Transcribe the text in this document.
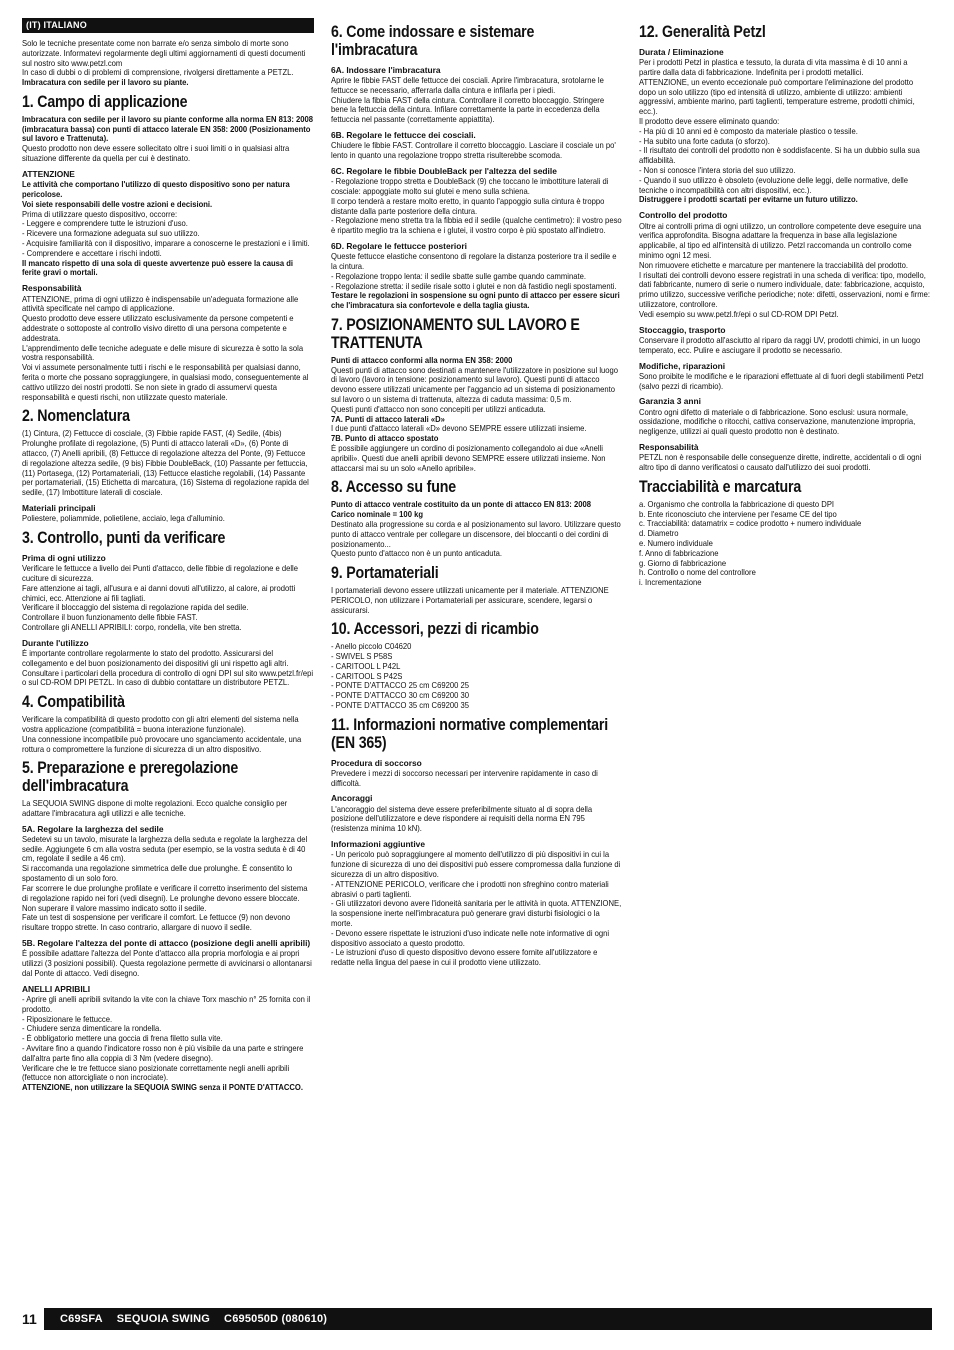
(IT) ITALIANO
Solo le tecniche presentate come non barrate e/o senza simbolo di morte sono autorizzate. Informatevi regolarmente degli ultimi aggiornamenti di questi documenti sul nostro sito www.petzl.com
In caso di dubbi o di problemi di comprensione, rivolgersi direttamente a PETZL.
Imbracatura con sedile per il lavoro su piante.
1. Campo di applicazione
Imbracatura con sedile per il lavoro su piante conforme alla norma EN 813: 2008 (imbracatura bassa) con punti di attacco laterale EN 358: 2000 (Posizionamento sul lavoro e Trattenuta).
Questo prodotto non deve essere sollecitato oltre i suoi limiti o in qualsiasi altra situazione differente da quella per cui è destinato.
ATTENZIONE
Le attività che comportano l'utilizzo di questo dispositivo sono per natura pericolose.
Voi siete responsabili delle vostre azioni e decisioni.
Prima di utilizzare questo dispositivo, occorre:
- Leggere e comprendere tutte le istruzioni d'uso.
- Ricevere una formazione adeguata sul suo utilizzo.
- Acquisire familiarità con il dispositivo, imparare a conoscerne le prestazioni e i limiti.
- Comprendere e accettare i rischi indotti.
Il mancato rispetto di una sola di queste avvertenze può essere la causa di ferite gravi o mortali.
Responsabilità
ATTENZIONE, prima di ogni utilizzo è indispensabile un'adeguata formazione alle attività specificate nel campo di applicazione.
Questo prodotto deve essere utilizzato esclusivamente da persone competenti e addestrate o sottoposte al controllo visivo diretto di una persona competente e addestrata.
L'apprendimento delle tecniche adeguate e delle misure di sicurezza è sotto la sola vostra responsabilità.
Voi vi assumete personalmente tutti i rischi e le responsabilità per qualsiasi danno, ferita o morte che possano sopraggiungere, in qualsiasi modo, conseguentemente al cattivo utilizzo dei nostri prodotti. Se non siete in grado di assumervi questa responsabilità e questi rischi, non utilizzate questo materiale.
2. Nomenclatura
(1) Cintura, (2) Fettucce di cosciale, (3) Fibbie rapide FAST, (4) Sedile, (4bis) Prolunghe profilate di regolazione, (5) Punti di attacco laterali «D», (6) Ponte di attacco, (7) Anelli apribili, (8) Fettucce di regolazione altezza del Ponte, (9) Fettucce di regolazione altezza sedile, (9 bis) Fibbie DoubleBack, (10) Passante per fettuccia, (11) Portasega, (12) Portamateriali, (13) Fettucce elastiche regolabili, (14) Passante per portamateriali, (15) Etichetta di marcatura, (16) Sistema di regolazione rapida del sedile, (17) Imbottiture laterali di cosciale.
Materiali principali
Poliestere, poliammide, polietilene, acciaio, lega d'alluminio.
3. Controllo, punti da verificare
Prima di ogni utilizzo
Verificare le fettucce a livello dei Punti d'attacco, delle fibbie di regolazione e delle cuciture di sicurezza.
Fare attenzione ai tagli, all'usura e ai danni dovuti all'utilizzo, al calore, ai prodotti chimici, ecc. Attenzione ai fili tagliati.
Verificare il bloccaggio del sistema di regolazione rapida del sedile.
Controllare il buon funzionamento delle fibbie FAST.
Controllare gli ANELLI APRIBILI: corpo, rondella, vite ben stretta.
Durante l'utilizzo
È importante controllare regolarmente lo stato del prodotto. Assicurarsi del collegamento e del buon posizionamento dei dispositivi gli uni rispetto agli altri.
Consultare i particolari della procedura di controllo di ogni DPI sul sito www.petzl.fr/epi o sul CD-ROM DPI PETZL. In caso di dubbio contattare un distributore PETZL.
4. Compatibilità
Verificare la compatibilità di questo prodotto con gli altri elementi del sistema nella vostra applicazione (compatibilità = buona interazione funzionale).
Una connessione incompatibile può provocare uno sganciamento accidentale, una rottura o compromettere la funzione di sicurezza di un altro dispositivo.
5. Preparazione e preregolazione dell'imbracatura
La SEQUOIA SWING dispone di molte regolazioni. Ecco qualche consiglio per adattare l'imbracatura agli utilizzi e alle tecniche.
5A. Regolare la larghezza del sedile
Sedetevi su un tavolo, misurate la larghezza della seduta e regolate la larghezza del sedile. Aggiungete 6 cm alla vostra seduta (per esempio, se la vostra seduta è di 40 cm, regolate il sedile a 46 cm).
Si raccomanda una regolazione simmetrica delle due prolunghe. È consentito lo spostamento di un solo foro.
Far scorrere le due prolunghe profilate e verificare il corretto inserimento del sistema di regolazione rapido nei fori (vedi disegni). Le prolunghe devono essere bloccate. Non superare il valore massimo indicato sotto il sedile.
Fate un test di sospensione per verificare il comfort. Le fettucce (9) non devono risultare troppo strette. In caso contrario, allargare di nuovo il sedile.
5B. Regolare l'altezza del ponte di attacco (posizione degli anelli apribili)
È possibile adattare l'altezza del Ponte d'attacco alla propria morfologia e ai propri utilizzi (3 posizioni possibili). Questa regolazione permette di avvicinarsi o allontanarsi dal Ponte di attacco. Vedi disegno.
ANELLI APRIBILI
- Aprire gli anelli apribili svitando la vite con la chiave Torx maschio n° 25 fornita con il prodotto.
- Riposizionare le fettucce.
- Chiudere senza dimenticare la rondella.
- È obbligatorio mettere una goccia di frena filetto sulla vite.
- Avvitare fino a quando l'indicatore rosso non è più visibile da una parte e stringere dall'altra parte fino alla coppia di 3 Nm (vedere disegno).
Verificare che le tre fettucce siano posizionate correttamente negli anelli apribili (fettucce non attorcigliate o non incrociate).
ATTENZIONE, non utilizzare la SEQUOIA SWING senza il PONTE D'ATTACCO.
6. Come indossare e sistemare l'imbracatura
6A. Indossare l'imbracatura
Aprire le fibbie FAST delle fettucce dei cosciali. Aprire l'imbracatura, srotolarne le fettucce se necessario, afferrarla dalla cintura e infilarla per i piedi.
Chiudere la fibbia FAST della cintura. Controllare il corretto bloccaggio. Stringere bene la fettuccia della cintura. Infilare correttamente la parte in eccedenza della fettuccia nel passante (correttamente appiattita).
6B. Regolare le fettucce dei cosciali.
Chiudere le fibbie FAST. Controllare il corretto bloccaggio. Lasciare il cosciale un po' lento in quanto una regolazione troppo stretta risulterebbe scomoda.
6C. Regolare le fibbie DoubleBack per l'altezza del sedile
- Regolazione troppo stretta e DoubleBack (9) che toccano le imbottiture laterali di cosciale: appoggiate molto sui glutei e meno sulla schiena.
Il corpo tenderà a restare molto eretto, in quanto l'appoggio sulla cintura è troppo distante dalla parte posteriore della cintura.
- Regolazione meno stretta tra la fibbia ed il sedile (qualche centimetro): il vostro peso è ripartito meglio tra la schiena e i glutei, il vostro corpo è più spostato all'indietro.
6D. Regolare le fettucce posteriori
Queste fettucce elastiche consentono di regolare la distanza posteriore tra il sedile e la cintura.
- Regolazione troppo lenta: il sedile sbatte sulle gambe quando camminate.
- Regolazione stretta: il sedile risale sotto i glutei e non dà fastidio negli spostamenti.
Testare le regolazioni in sospensione su ogni punto di attacco per essere sicuri che l'imbracatura sia confortevole e della taglia giusta.
7. POSIZIONAMENTO SUL LAVORO E TRATTENUTA
Punti di attacco conformi alla norma EN 358: 2000
Questi punti di attacco sono destinati a mantenere l'utilizzatore in posizione sul luogo di lavoro (lavoro in tensione: posizionamento sul lavoro). Questi punti di attacco devono essere utilizzati unicamente per l'aggancio ad un sistema di posizionamento sul lavoro o un sistema di trattenuta, altezza di caduta massima: 0,5 m.
Questi punti d'attacco non sono concepiti per utilizzi anticaduta.
7A. Punti di attacco laterali «D»
I due punti d'attacco laterali «D» devono SEMPRE essere utilizzati insieme.
7B. Punto di attacco spostato
È possibile aggiungere un cordino di posizionamento collegandolo ai due «Anelli apribili». Questi due anelli apribili devono SEMPRE essere utilizzati insieme. Non attaccarsi mai su un solo «Anello apribile».
8. Accesso su fune
Punto di attacco ventrale costituito da un ponte di attacco EN 813: 2008
Carico nominale = 100 kg
Destinato alla progressione su corda e al posizionamento sul lavoro. Utilizzare questo punto di attacco ventrale per collegare un discensore, dei bloccanti o dei cordini di posizionamento...
Questo punto d'attacco non è un punto anticaduta.
9. Portamateriali
I portamateriali devono essere utilizzati unicamente per il materiale. ATTENZIONE PERICOLO, non utilizzare i Portamateriali per assicurare, scendere, legarsi o assicurarsi.
10. Accessori, pezzi di ricambio
- Anello piccolo C04620
- SWIVEL S P58S
- CARITOOL L P42L
- CARITOOL S P42S
- PONTE D'ATTACCO 25 cm C69200 25
- PONTE D'ATTACCO 30 cm C69200 30
- PONTE D'ATTACCO 35 cm C69200 35
11. Informazioni normative complementari (EN 365)
Procedura di soccorso
Prevedere i mezzi di soccorso necessari per intervenire rapidamente in caso di difficoltà.
Ancoraggi
L'ancoraggio del sistema deve essere preferibilmente situato al di sopra della posizione dell'utilizzatore e deve rispondere ai requisiti della norma EN 795 (resistenza minima 10 kN).
Informazioni aggiuntive
- Un pericolo può sopraggiungere al momento dell'utilizzo di più dispositivi in cui la funzione di sicurezza di uno dei dispositivi può essere compromessa dalla funzione di sicurezza di un altro dispositivo.
- ATTENZIONE PERICOLO, verificare che i prodotti non sfreghino contro materiali abrasivi o parti taglienti.
- Gli utilizzatori devono avere l'idoneità sanitaria per le attività in quota. ATTENZIONE, la sospensione inerte nell'imbracatura può generare gravi disturbi fisiologici o la morte.
- Devono essere rispettate le istruzioni d'uso indicate nelle note informative di ogni dispositivo associato a questo prodotto.
- Le istruzioni d'uso di questo dispositivo devono essere fornite all'utilizzatore e redatte nella lingua del paese in cui il prodotto viene utilizzato.
12. Generalità Petzl
Durata / Eliminazione
Per i prodotti Petzl in plastica e tessuto, la durata di vita massima è di 10 anni a partire dalla data di fabbricazione. Indefinita per i prodotti metallici.
ATTENZIONE, un evento eccezionale può comportare l'eliminazione del prodotto dopo un solo utilizzo (tipo ed intensità di utilizzo, ambiente di utilizzo: ambienti aggressivi, ambiente marino, parti taglienti, temperature estreme, prodotti chimici, ecc.).
Il prodotto deve essere eliminato quando:
- Ha più di 10 anni ed è composto da materiale plastico o tessile.
- Ha subito una forte caduta (o sforzo).
- Il risultato dei controlli del prodotto non è soddisfacente. Si ha un dubbio sulla sua affidabilità.
- Non si conosce l'intera storia del suo utilizzo.
- Quando il suo utilizzo è obsoleto (evoluzione delle leggi, delle normative, delle tecniche o incompatibilità con altri dispositivi, ecc.).
Distruggere i prodotti scartati per evitarne un futuro utilizzo.
Controllo del prodotto
Oltre ai controlli prima di ogni utilizzo, un controllore competente deve eseguire una verifica approfondita. Bisogna adattare la frequenza in base alla legislazione applicabile, al tipo ed all'intensità di utilizzo. Petzl raccomanda un controllo come minimo ogni 12 mesi.
Non rimuovere etichette e marcature per mantenere la tracciabilità del prodotto.
I risultati dei controlli devono essere registrati in una scheda di verifica: tipo, modello, dati fabbricante, numero di serie o numero individuale, date: fabbricazione, acquisto, primo utilizzo, successive verifiche periodiche; note: difetti, osservazioni, nomi e firme: utilizzatore, controllore.
Vedi esempio su www.petzl.fr/epi o sul CD-ROM DPI Petzl.
Stoccaggio, trasporto
Conservare il prodotto all'asciutto al riparo da raggi UV, prodotti chimici, in un luogo temperato, ecc. Pulire e asciugare il prodotto se necessario.
Modifiche, riparazioni
Sono proibite le modifiche e le riparazioni effettuate al di fuori degli stabilimenti Petzl (salvo pezzi di ricambio).
Garanzia 3 anni
Contro ogni difetto di materiale o di fabbricazione. Sono esclusi: usura normale, ossidazione, modifiche o ritocchi, cattiva conservazione, manutenzione impropria, negligenze, utilizzi ai quali questo prodotto non è destinato.
Responsabilità
PETZL non è responsabile delle conseguenze dirette, indirette, accidentali o di ogni altro tipo di danno verificatosi o causato dall'utilizzo dei suoi prodotti.
Tracciabilità e marcatura
a. Organismo che controlla la fabbricazione di questo DPI
b. Ente riconosciuto che interviene per l'esame CE del tipo
c. Tracciabilità: datamatrix = codice prodotto + numero individuale
d. Diametro
e. Numero individuale
f. Anno di fabbricazione
g. Giorno di fabbricazione
h. Controllo o nome del controllore
i. Incrementazione
11 C69SFA SEQUOIA SWING C695050D (080610)
